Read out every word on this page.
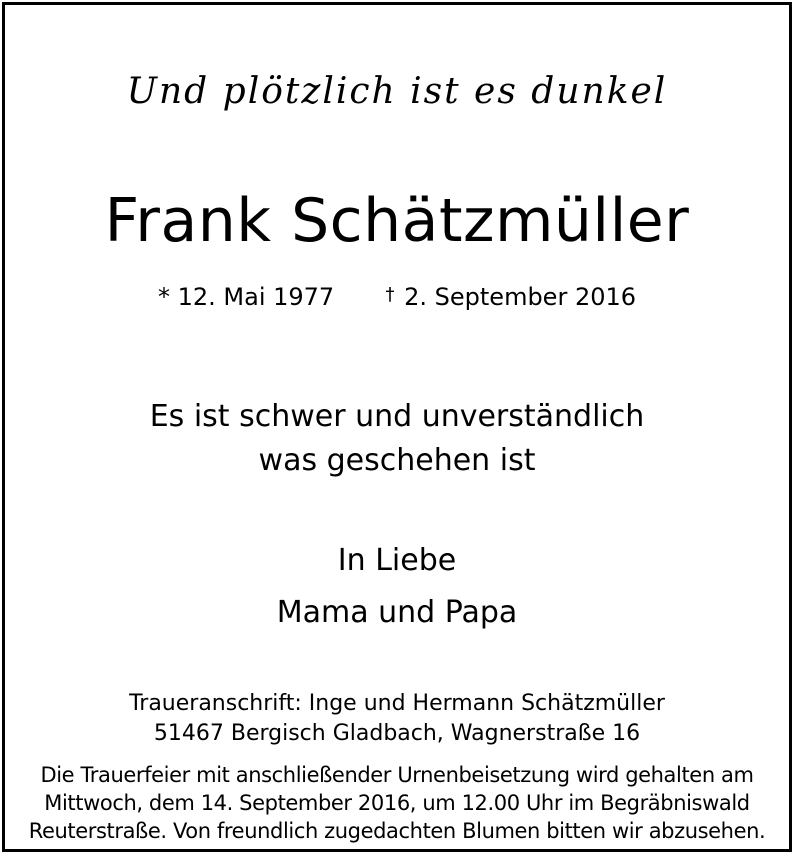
Und plötzlich ist es dunkel

Frank Schätzmüller
* 12. Mai 1977	† 2. September 2016
Es ist schwer und unverständlich
was geschehen ist

In Liebe

Mama und Papa

Traueranschrift: Inge und Hermann Schätzmüller
51467 Bergisch Gladbach, Wagnerstraße 16
Die Trauerfeier mit anschließender Urnenbeisetzung wird gehalten am
Mittwoch, dem 14. September 2016, um 12.00 Uhr im Begräbniswald
Reuterstraße. Von freundlich zugedachten Blumen bitten wir abzusehen.
